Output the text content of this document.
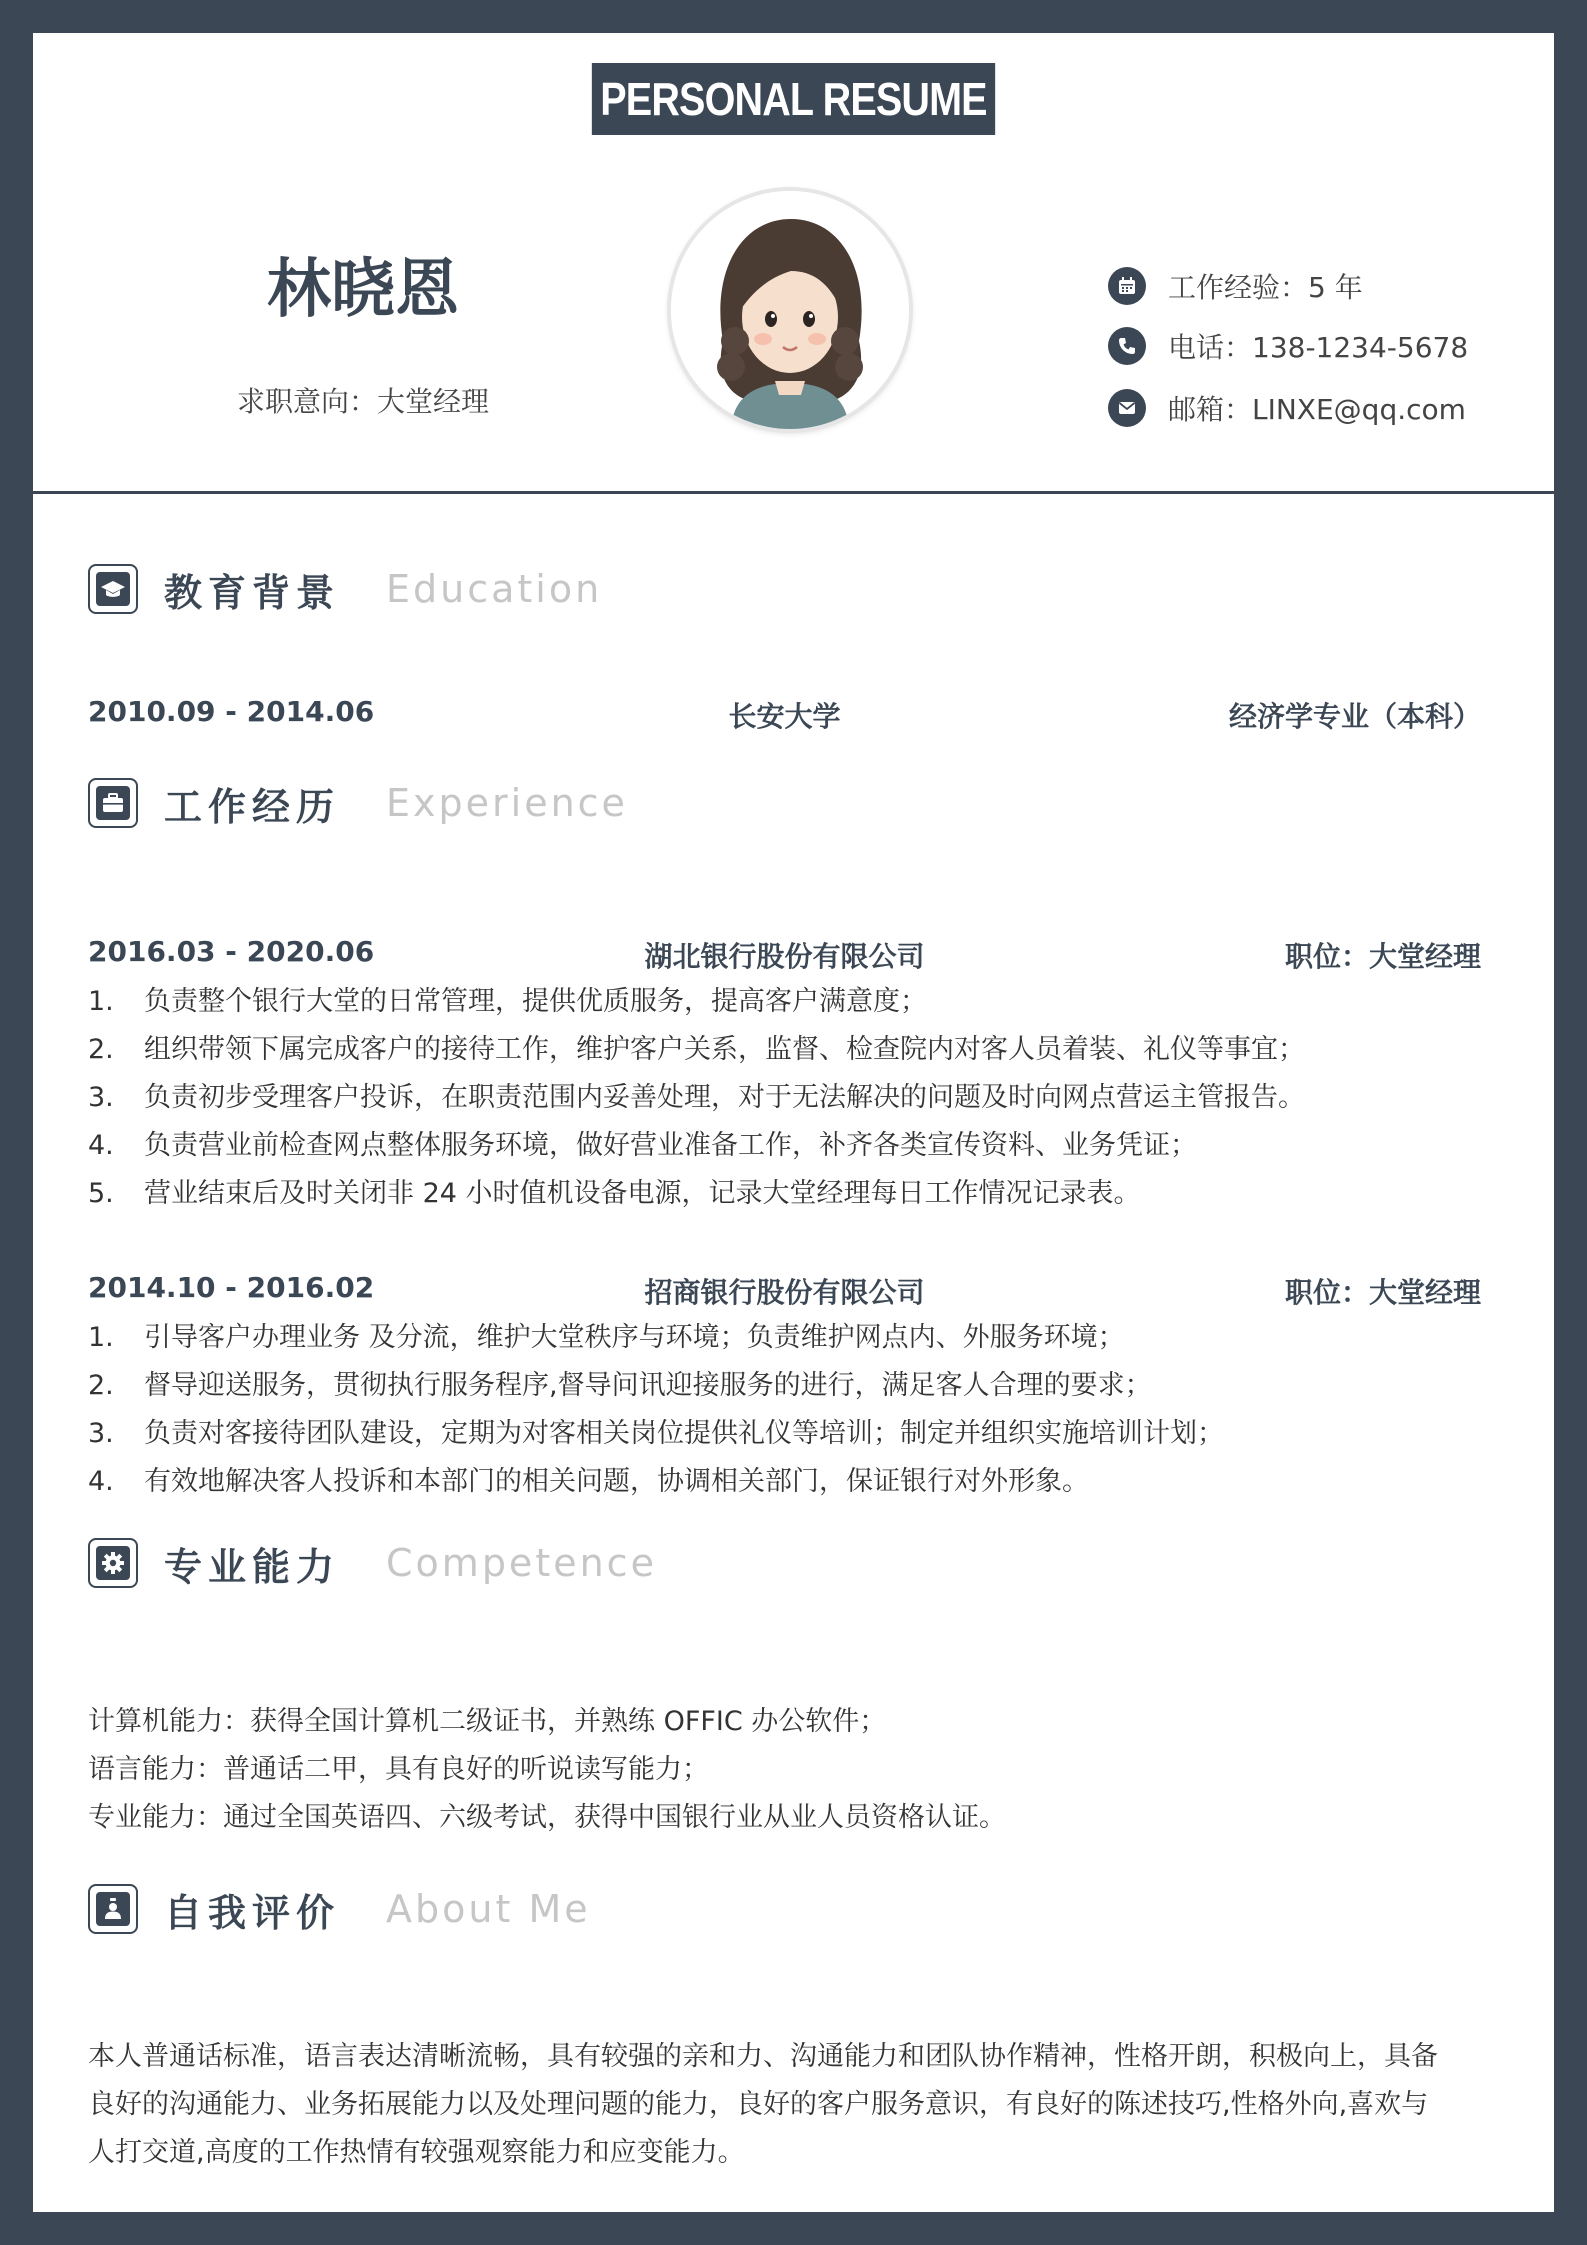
PERSONAL RESUME
林晓恩
求职意向：大堂经理
工作经验：5 年
电话：138-1234-5678
邮箱：LINXE@qq.com
教育背景 Education
2010.09 - 2014.06	长安大学	经济学专业（本科）
工作经历 Experience
2016.03 - 2020.06	湖北银行股份有限公司	职位：大堂经理
1.	负责整个银行大堂的日常管理，提供优质服务，提高客户满意度；
2.	组织带领下属完成客户的接待工作，维护客户关系，监督、检查院内对客人员着装、礼仪等事宜；
3.	负责初步受理客户投诉，在职责范围内妥善处理，对于无法解决的问题及时向网点营运主管报告。
4.	负责营业前检查网点整体服务环境，做好营业准备工作，补齐各类宣传资料、业务凭证；
5.	营业结束后及时关闭非 24 小时值机设备电源，记录大堂经理每日工作情况记录表。
2014.10 - 2016.02	招商银行股份有限公司	职位：大堂经理
1.	引导客户办理业务 及分流，维护大堂秩序与环境；负责维护网点内、外服务环境；
2.	督导迎送服务，贯彻执行服务程序,督导问讯迎接服务的进行，满足客人合理的要求；
3.	负责对客接待团队建设，定期为对客相关岗位提供礼仪等培训；制定并组织实施培训计划；
4.	有效地解决客人投诉和本部门的相关问题，协调相关部门，保证银行对外形象。
专业能力 Competence
计算机能力：获得全国计算机二级证书，并熟练 OFFIC 办公软件；
语言能力：普通话二甲，具有良好的听说读写能力；
专业能力：通过全国英语四、六级考试，获得中国银行业从业人员资格认证。
自我评价 About Me
本人普通话标准，语言表达清晰流畅，具有较强的亲和力、沟通能力和团队协作精神，性格开朗，积极向上，具备
良好的沟通能力、业务拓展能力以及处理问题的能力，良好的客户服务意识，有良好的陈述技巧,性格外向,喜欢与
人打交道,高度的工作热情有较强观察能力和应变能力。
